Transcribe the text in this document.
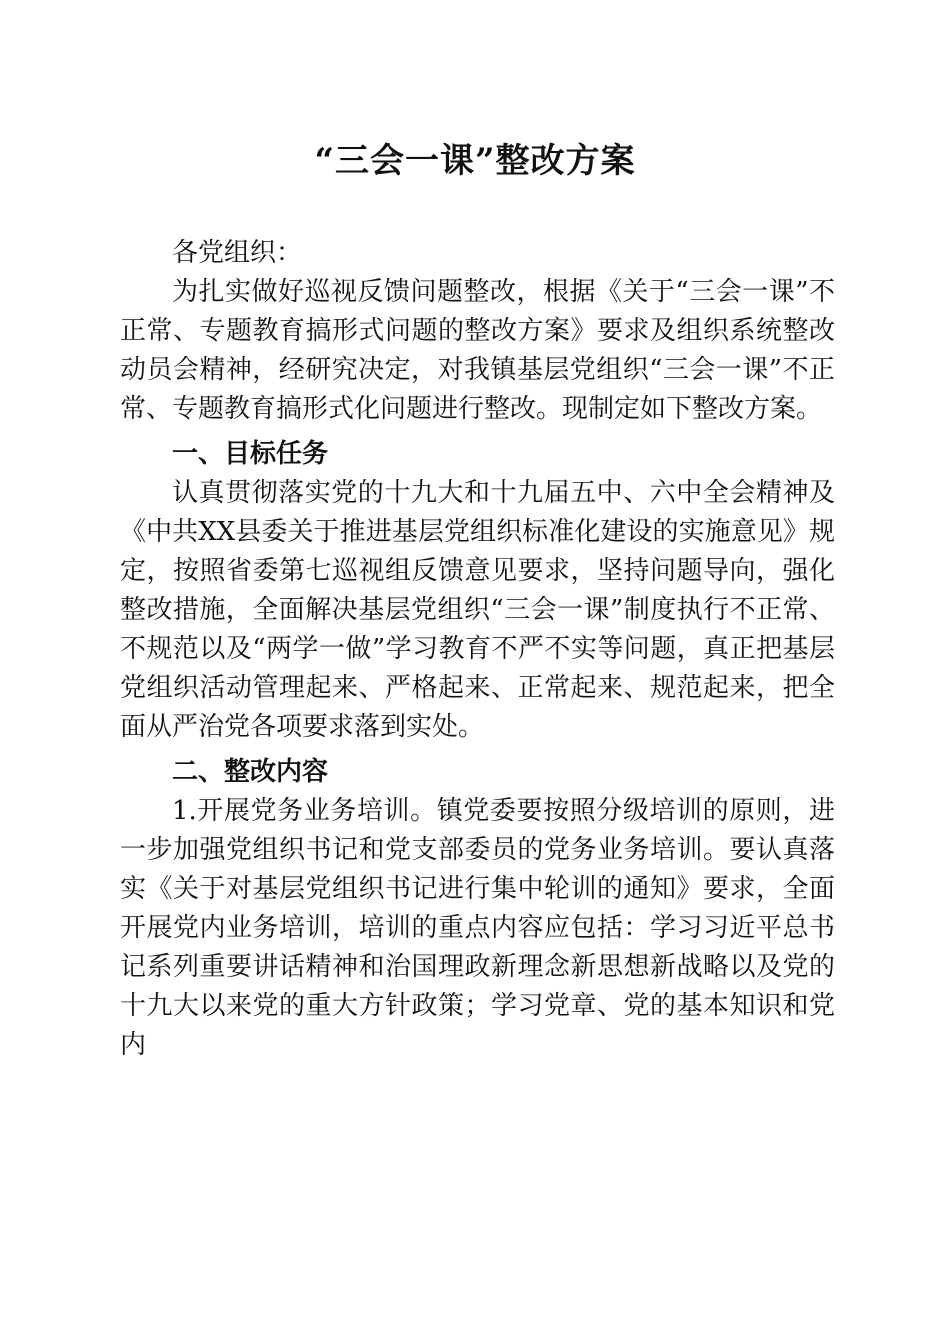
“三会一课”整改方案

各党组织：

为扎实做好巡视反馈问题整改，根据《关于“三会一课”不正常、专题教育搞形式问题的整改方案》要求及组织系统整改动员会精神，经研究决定，对我镇基层党组织“三会一课”不正常、专题教育搞形式化问题进行整改。现制定如下整改方案。

一、目标任务

认真贯彻落实党的十九大和十九届五中、六中全会精神及《中共XX县委关于推进基层党组织标准化建设的实施意见》规定，按照省委第七巡视组反馈意见要求，坚持问题导向，强化整改措施，全面解决基层党组织“三会一课”制度执行不正常、不规范以及“两学一做”学习教育不严不实等问题，真正把基层党组织活动管理起来、严格起来、正常起来、规范起来，把全面从严治党各项要求落到实处。

二、整改内容

1.开展党务业务培训。镇党委要按照分级培训的原则，进一步加强党组织书记和党支部委员的党务业务培训。要认真落实《关于对基层党组织书记进行集中轮训的通知》要求，全面开展党内业务培训，培训的重点内容应包括：学习习近平总书记系列重要讲话精神和治国理政新理念新思想新战略以及党的十九大以来党的重大方针政策；学习党章、党的基本知识和党内
